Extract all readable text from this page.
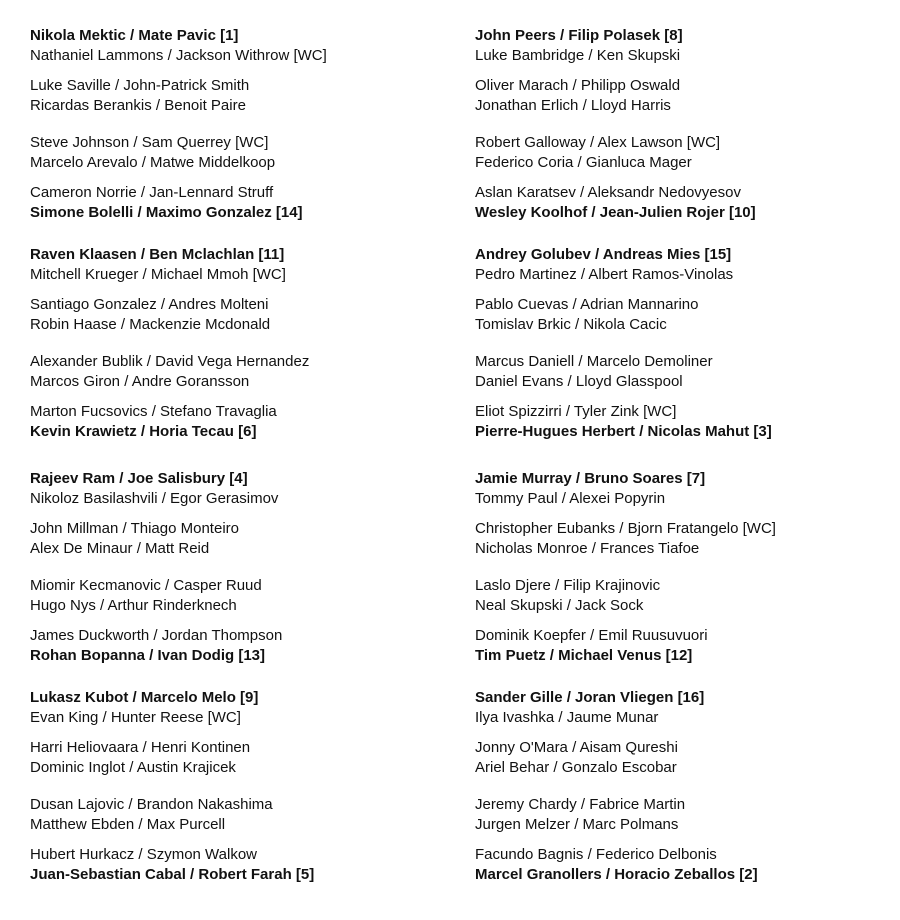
Nikola Mektic / Mate Pavic [1]
Nathaniel Lammons / Jackson Withrow [WC]
Luke Saville / John-Patrick Smith
Ricardas Berankis / Benoit Paire
Steve Johnson / Sam Querrey [WC]
Marcelo Arevalo / Matwe Middelkoop
Cameron Norrie / Jan-Lennard Struff
Simone Bolelli / Maximo Gonzalez [14]
Raven Klaasen / Ben Mclachlan [11]
Mitchell Krueger / Michael Mmoh [WC]
Santiago Gonzalez / Andres Molteni
Robin Haase / Mackenzie Mcdonald
Alexander Bublik / David Vega Hernandez
Marcos Giron / Andre Goransson
Marton Fucsovics / Stefano Travaglia
Kevin Krawietz / Horia Tecau [6]
Rajeev Ram / Joe Salisbury [4]
Nikoloz Basilashvili / Egor Gerasimov
John Millman / Thiago Monteiro
Alex De Minaur / Matt Reid
Miomir Kecmanovic / Casper Ruud
Hugo Nys / Arthur Rinderknech
James Duckworth / Jordan Thompson
Rohan Bopanna / Ivan Dodig [13]
Lukasz Kubot / Marcelo Melo [9]
Evan King / Hunter Reese [WC]
Harri Heliovaara / Henri Kontinen
Dominic Inglot / Austin Krajicek
Dusan Lajovic / Brandon Nakashima
Matthew Ebden / Max Purcell
Hubert Hurkacz / Szymon Walkow
Juan-Sebastian Cabal / Robert Farah [5]
John Peers / Filip Polasek [8]
Luke Bambridge / Ken Skupski
Oliver Marach / Philipp Oswald
Jonathan Erlich / Lloyd Harris
Robert Galloway / Alex Lawson [WC]
Federico Coria / Gianluca Mager
Aslan Karatsev / Aleksandr Nedovyesov
Wesley Koolhof / Jean-Julien Rojer [10]
Andrey Golubev / Andreas Mies [15]
Pedro Martinez / Albert Ramos-Vinolas
Pablo Cuevas / Adrian Mannarino
Tomislav Brkic / Nikola Cacic
Marcus Daniell / Marcelo Demoliner
Daniel Evans / Lloyd Glasspool
Eliot Spizzirri / Tyler Zink [WC]
Pierre-Hugues Herbert / Nicolas Mahut [3]
Jamie Murray / Bruno Soares [7]
Tommy Paul / Alexei Popyrin
Christopher Eubanks / Bjorn Fratangelo [WC]
Nicholas Monroe / Frances Tiafoe
Laslo Djere / Filip Krajinovic
Neal Skupski / Jack Sock
Dominik Koepfer / Emil Ruusuvuori
Tim Puetz / Michael Venus [12]
Sander Gille / Joran Vliegen [16]
Ilya Ivashka / Jaume Munar
Jonny O'Mara / Aisam Qureshi
Ariel Behar / Gonzalo Escobar
Jeremy Chardy / Fabrice Martin
Jurgen Melzer / Marc Polmans
Facundo Bagnis / Federico Delbonis
Marcel Granollers / Horacio Zeballos [2]
